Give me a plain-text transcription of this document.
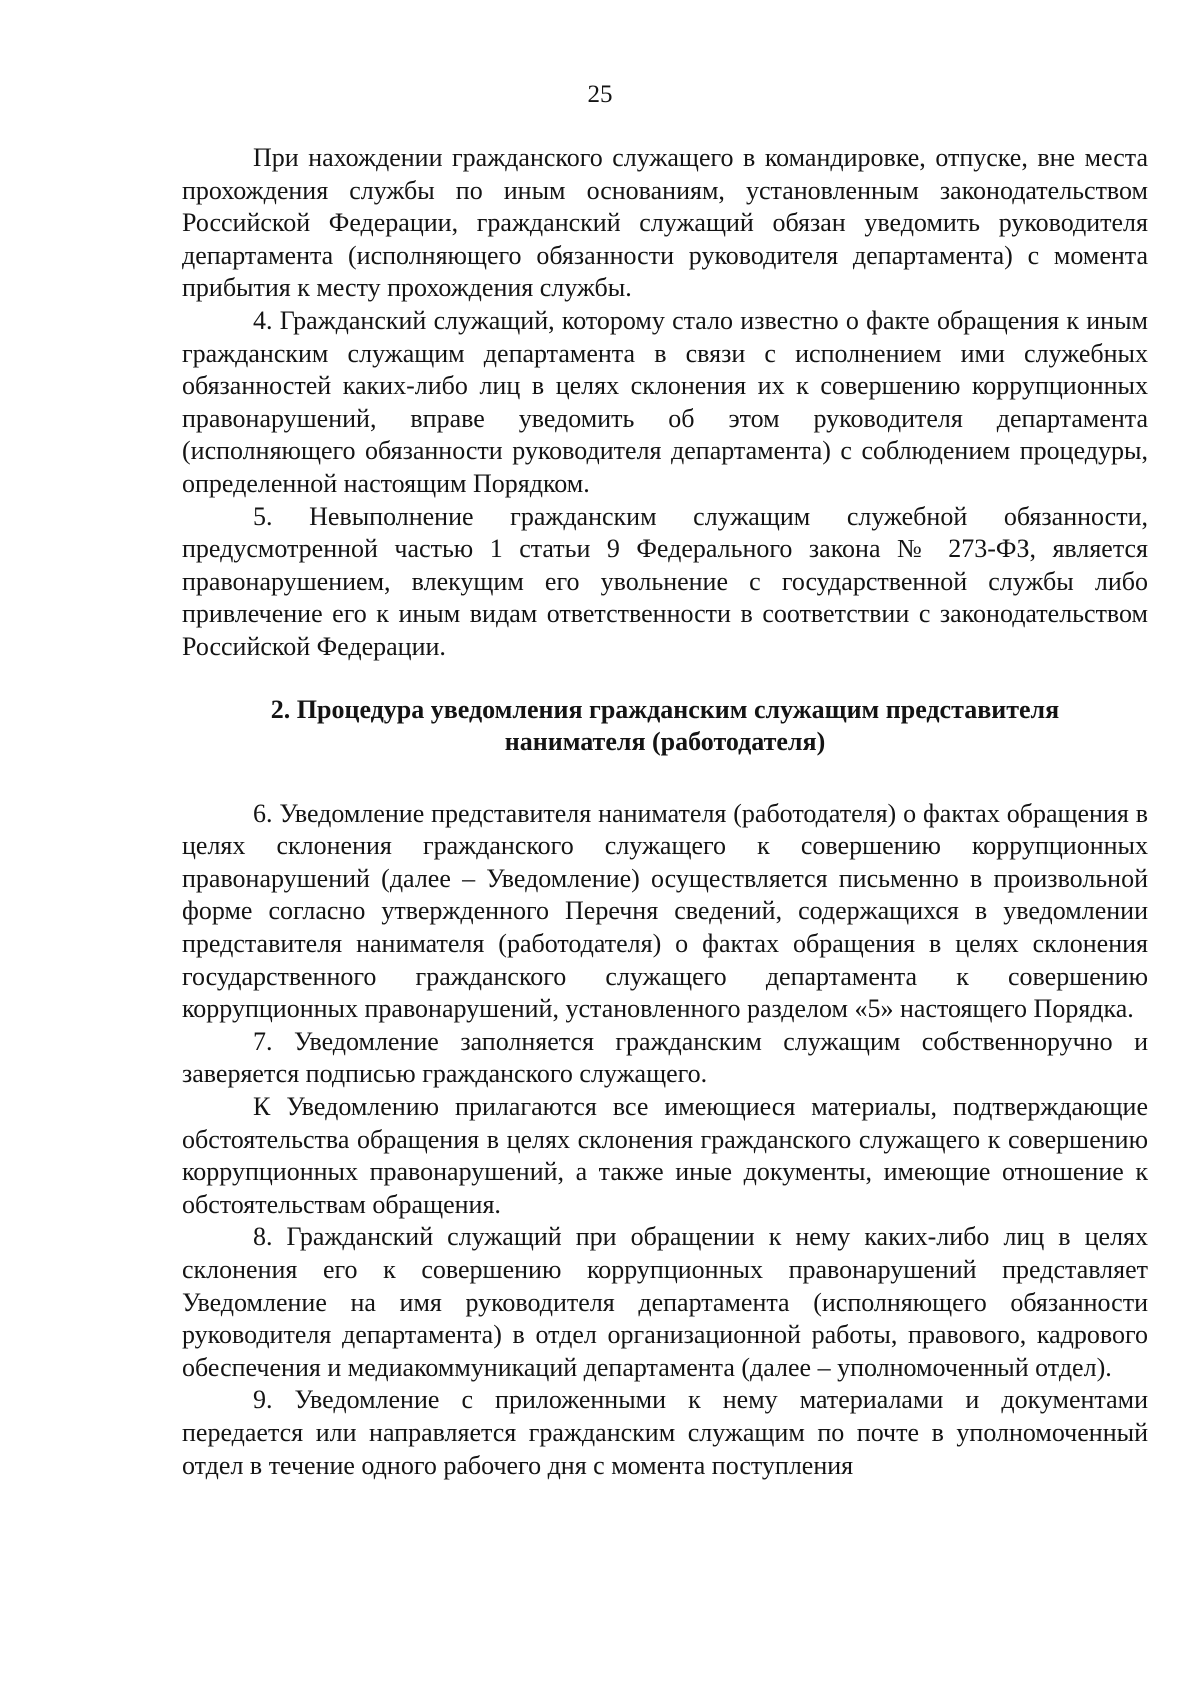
25

При нахождении гражданского служащего в командировке, отпуске, вне места прохождения службы по иным основаниям, установленным законодательством Российской Федерации, гражданский служащий обязан уведомить руководителя департамента (исполняющего обязанности руководителя департамента) с момента прибытия к месту прохождения службы.

4. Гражданский служащий, которому стало известно о факте обращения к иным гражданским служащим департамента в связи с исполнением ими служебных обязанностей каких-либо лиц в целях склонения их к совершению коррупционных правонарушений, вправе уведомить об этом руководителя департамента (исполняющего обязанности руководителя департамента) с соблюдением процедуры, определенной настоящим Порядком.

5. Невыполнение гражданским служащим служебной обязанности, предусмотренной частью 1 статьи 9 Федерального закона № 273-ФЗ, является правонарушением, влекущим его увольнение с государственной службы либо привлечение его к иным видам ответственности в соответствии с законодательством Российской Федерации.

2. Процедура уведомления гражданским служащим представителя
нанимателя (работодателя)

6. Уведомление представителя нанимателя (работодателя) о фактах обращения в целях склонения гражданского служащего к совершению коррупционных правонарушений (далее – Уведомление) осуществляется письменно в произвольной форме согласно утвержденного Перечня сведений, содержащихся в уведомлении представителя нанимателя (работодателя) о фактах обращения в целях склонения государственного гражданского служащего департамента к совершению коррупционных правонарушений, установленного разделом «5» настоящего Порядка.

7. Уведомление заполняется гражданским служащим собственноручно и заверяется подписью гражданского служащего.

К Уведомлению прилагаются все имеющиеся материалы, подтверждающие обстоятельства обращения в целях склонения гражданского служащего к совершению коррупционных правонарушений, а также иные документы, имеющие отношение к обстоятельствам обращения.

8. Гражданский служащий при обращении к нему каких-либо лиц в целях склонения его к совершению коррупционных правонарушений представляет Уведомление на имя руководителя департамента (исполняющего обязанности руководителя департамента) в отдел организационной работы, правового, кадрового обеспечения и медиакоммуникаций департамента (далее – уполномоченный отдел).

9. Уведомление с приложенными к нему материалами и документами передается или направляется гражданским служащим по почте в уполномоченный отдел в течение одного рабочего дня с момента поступления
